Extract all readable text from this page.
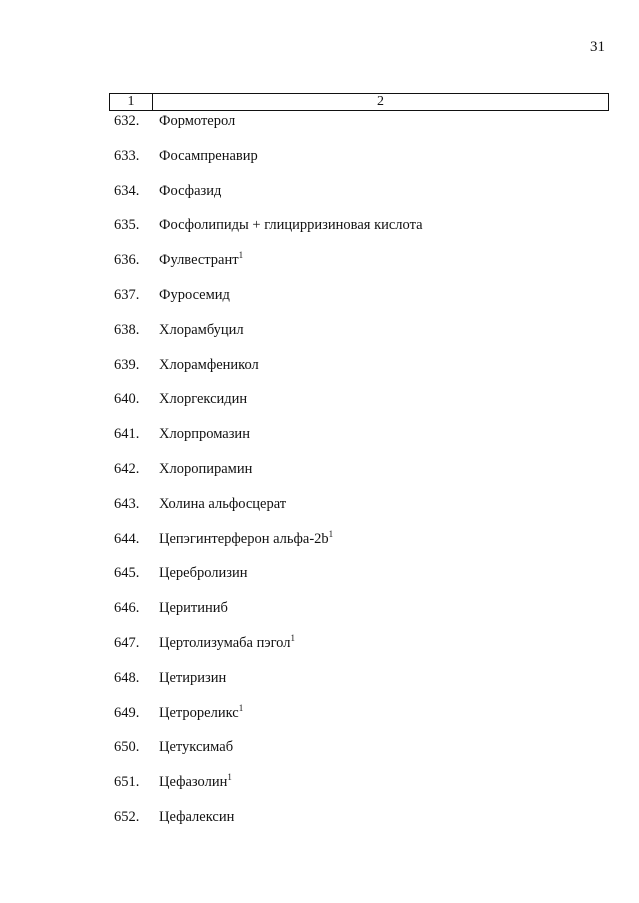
31
1	2
632.	Формотерол
633.	Фосампренавир
634.	Фосфазид
635.	Фосфолипиды + глицирризиновая кислота
636.	Фулвестрант$^1$
637.	Фуросемид
638.	Хлорамбуцил
639.	Хлорамфеникол
640.	Хлоргексидин
641.	Хлорпромазин
642.	Хлоропирамин
643.	Холина альфосцерат
644.	Цепэгинтерферон альфа-2b$^1$
645.	Церебролизин
646.	Церитиниб
647.	Цертолизумаба пэгол$^1$
648.	Цетиризин
649.	Цетрореликс$^1$
650.	Цетуксимаб
651.	Цефазолин$^1$
652.	Цефалексин
